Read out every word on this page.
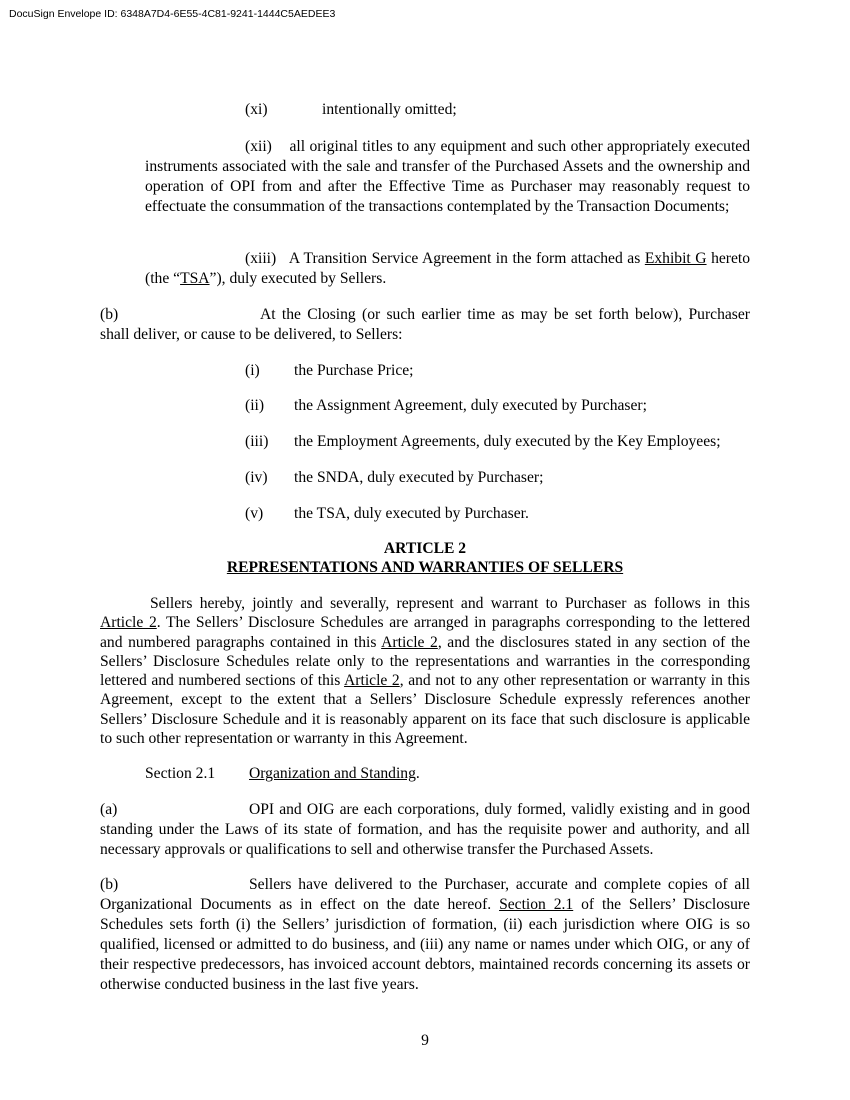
DocuSign Envelope ID: 6348A7D4-6E55-4C81-9241-1444C5AEDEE3
(xi)	intentionally omitted;
(xii) all original titles to any equipment and such other appropriately executed instruments associated with the sale and transfer of the Purchased Assets and the ownership and operation of OPI from and after the Effective Time as Purchaser may reasonably request to effectuate the consummation of the transactions contemplated by the Transaction Documents;
(xiii) A Transition Service Agreement in the form attached as Exhibit G hereto (the “TSA”), duly executed by Sellers.
(b)	At the Closing (or such earlier time as may be set forth below), Purchaser shall deliver, or cause to be delivered, to Sellers:
(i) the Purchase Price;
(ii) the Assignment Agreement, duly executed by Purchaser;
(iii) the Employment Agreements, duly executed by the Key Employees;
(iv) the SNDA, duly executed by Purchaser;
(v) the TSA, duly executed by Purchaser.
ARTICLE 2
REPRESENTATIONS AND WARRANTIES OF SELLERS
Sellers hereby, jointly and severally, represent and warrant to Purchaser as follows in this Article 2. The Sellers’ Disclosure Schedules are arranged in paragraphs corresponding to the lettered and numbered paragraphs contained in this Article 2, and the disclosures stated in any section of the Sellers’ Disclosure Schedules relate only to the representations and warranties in the corresponding lettered and numbered sections of this Article 2, and not to any other representation or warranty in this Agreement, except to the extent that a Sellers’ Disclosure Schedule expressly references another Sellers’ Disclosure Schedule and it is reasonably apparent on its face that such disclosure is applicable to such other representation or warranty in this Agreement.
Section 2.1 Organization and Standing.
(a)	OPI and OIG are each corporations, duly formed, validly existing and in good standing under the Laws of its state of formation, and has the requisite power and authority, and all necessary approvals or qualifications to sell and otherwise transfer the Purchased Assets.
(b)	Sellers have delivered to the Purchaser, accurate and complete copies of all Organizational Documents as in effect on the date hereof. Section 2.1 of the Sellers’ Disclosure Schedules sets forth (i) the Sellers’ jurisdiction of formation, (ii) each jurisdiction where OIG is so qualified, licensed or admitted to do business, and (iii) any name or names under which OIG, or any of their respective predecessors, has invoiced account debtors, maintained records concerning its assets or otherwise conducted business in the last five years.
9
